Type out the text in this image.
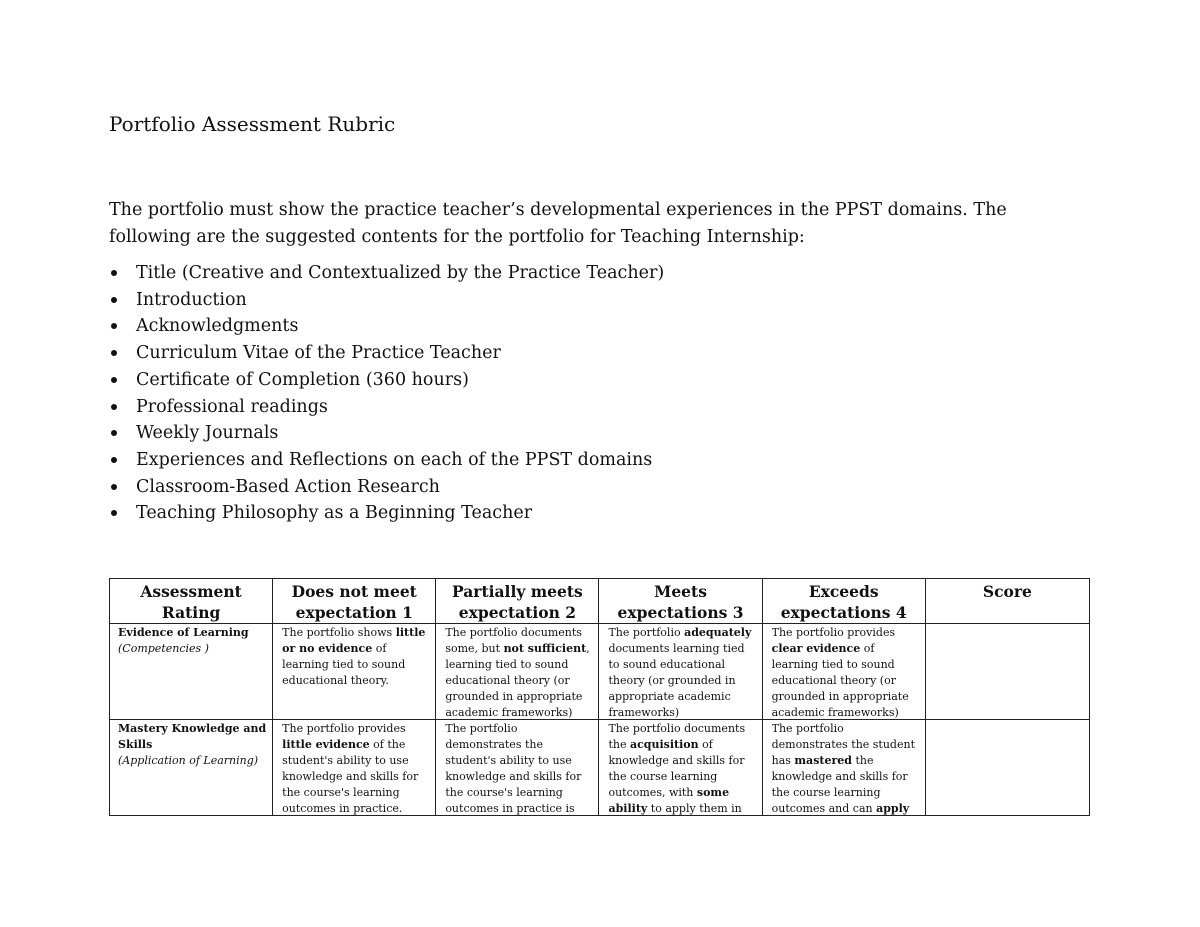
Portfolio Assessment Rubric

The portfolio must show the practice teacher’s developmental experiences in the PPST domains. The following are the suggested contents for the portfolio for Teaching Internship:

Title (Creative and Contextualized by the Practice Teacher)
Introduction
Acknowledgments
Curriculum Vitae of the Practice Teacher
Certificate of Completion (360 hours)
Professional readings
Weekly Journals
Experiences and Reflections on each of the PPST domains
Classroom-Based Action Research
Teaching Philosophy as a Beginning Teacher
Assessment Rating	Does not meet expectation 1	Partially meets expectation 2	Meets expectations 3	Exceeds expectations 4	Score

Evidence of Learning
(Competencies )	The portfolio shows little or no evidence of learning tied to sound educational theory.	The portfolio documents some, but not sufficient, learning tied to sound educational theory (or grounded in appropriate academic frameworks)	The portfolio adequately documents learning tied to sound educational theory (or grounded in appropriate academic frameworks)	The portfolio provides clear evidence of learning tied to sound educational theory (or grounded in appropriate academic frameworks)	

Mastery Knowledge and Skills
(Application of Learning)	The portfolio provides little evidence of the student's ability to use knowledge and skills for the course's learning outcomes in practice.	The portfolio demonstrates the student's ability to use knowledge and skills for the course's learning outcomes in practice is	The portfolio documents the acquisition of knowledge and skills for the course learning outcomes, with some ability to apply them in	The portfolio demonstrates the student has mastered the knowledge and skills for the course learning outcomes and can apply	
